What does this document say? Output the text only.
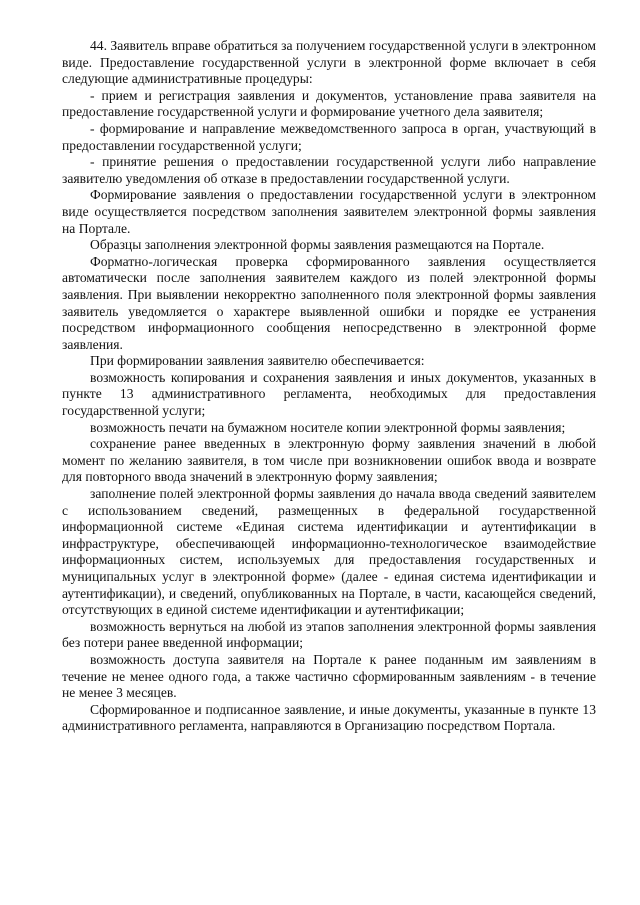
44. Заявитель вправе обратиться за получением государственной услуги в электронном виде. Предоставление государственной услуги в электронной форме включает в себя следующие административные процедуры:

- прием и регистрация заявления и документов, установление права заявителя на предоставление государственной услуги и формирование учетного дела заявителя;

- формирование и направление межведомственного запроса в орган, участвующий в предоставлении государственной услуги;

- принятие решения о предоставлении государственной услуги либо направление заявителю уведомления об отказе в предоставлении государственной услуги.

Формирование заявления о предоставлении государственной услуги в электронном виде осуществляется посредством заполнения заявителем электронной формы заявления на Портале.

Образцы заполнения электронной формы заявления размещаются на Портале.

Форматно-логическая проверка сформированного заявления осуществляется автоматически после заполнения заявителем каждого из полей электронной формы заявления. При выявлении некорректно заполненного поля электронной формы заявления заявитель уведомляется о характере выявленной ошибки и порядке ее устранения посредством информационного сообщения непосредственно в электронной форме заявления.

При формировании заявления заявителю обеспечивается:

возможность копирования и сохранения заявления и иных документов, указанных в пункте 13 административного регламента, необходимых для предоставления государственной услуги;

возможность печати на бумажном носителе копии электронной формы заявления;

сохранение ранее введенных в электронную форму заявления значений в любой момент по желанию заявителя, в том числе при возникновении ошибок ввода и возврате для повторного ввода значений в электронную форму заявления;

заполнение полей электронной формы заявления до начала ввода сведений заявителем с использованием сведений, размещенных в федеральной государственной информационной системе «Единая система идентификации и аутентификации в инфраструктуре, обеспечивающей информационно-технологическое взаимодействие информационных систем, используемых для предоставления государственных и муниципальных услуг в электронной форме» (далее - единая система идентификации и аутентификации), и сведений, опубликованных на Портале, в части, касающейся сведений, отсутствующих в единой системе идентификации и аутентификации;

возможность вернуться на любой из этапов заполнения электронной формы заявления без потери ранее введенной информации;

возможность доступа заявителя на Портале к ранее поданным им заявлениям в течение не менее одного года, а также частично сформированным заявлениям - в течение не менее 3 месяцев.

Сформированное и подписанное заявление, и иные документы, указанные в пункте 13 административного регламента, направляются в Организацию посредством Портала.
